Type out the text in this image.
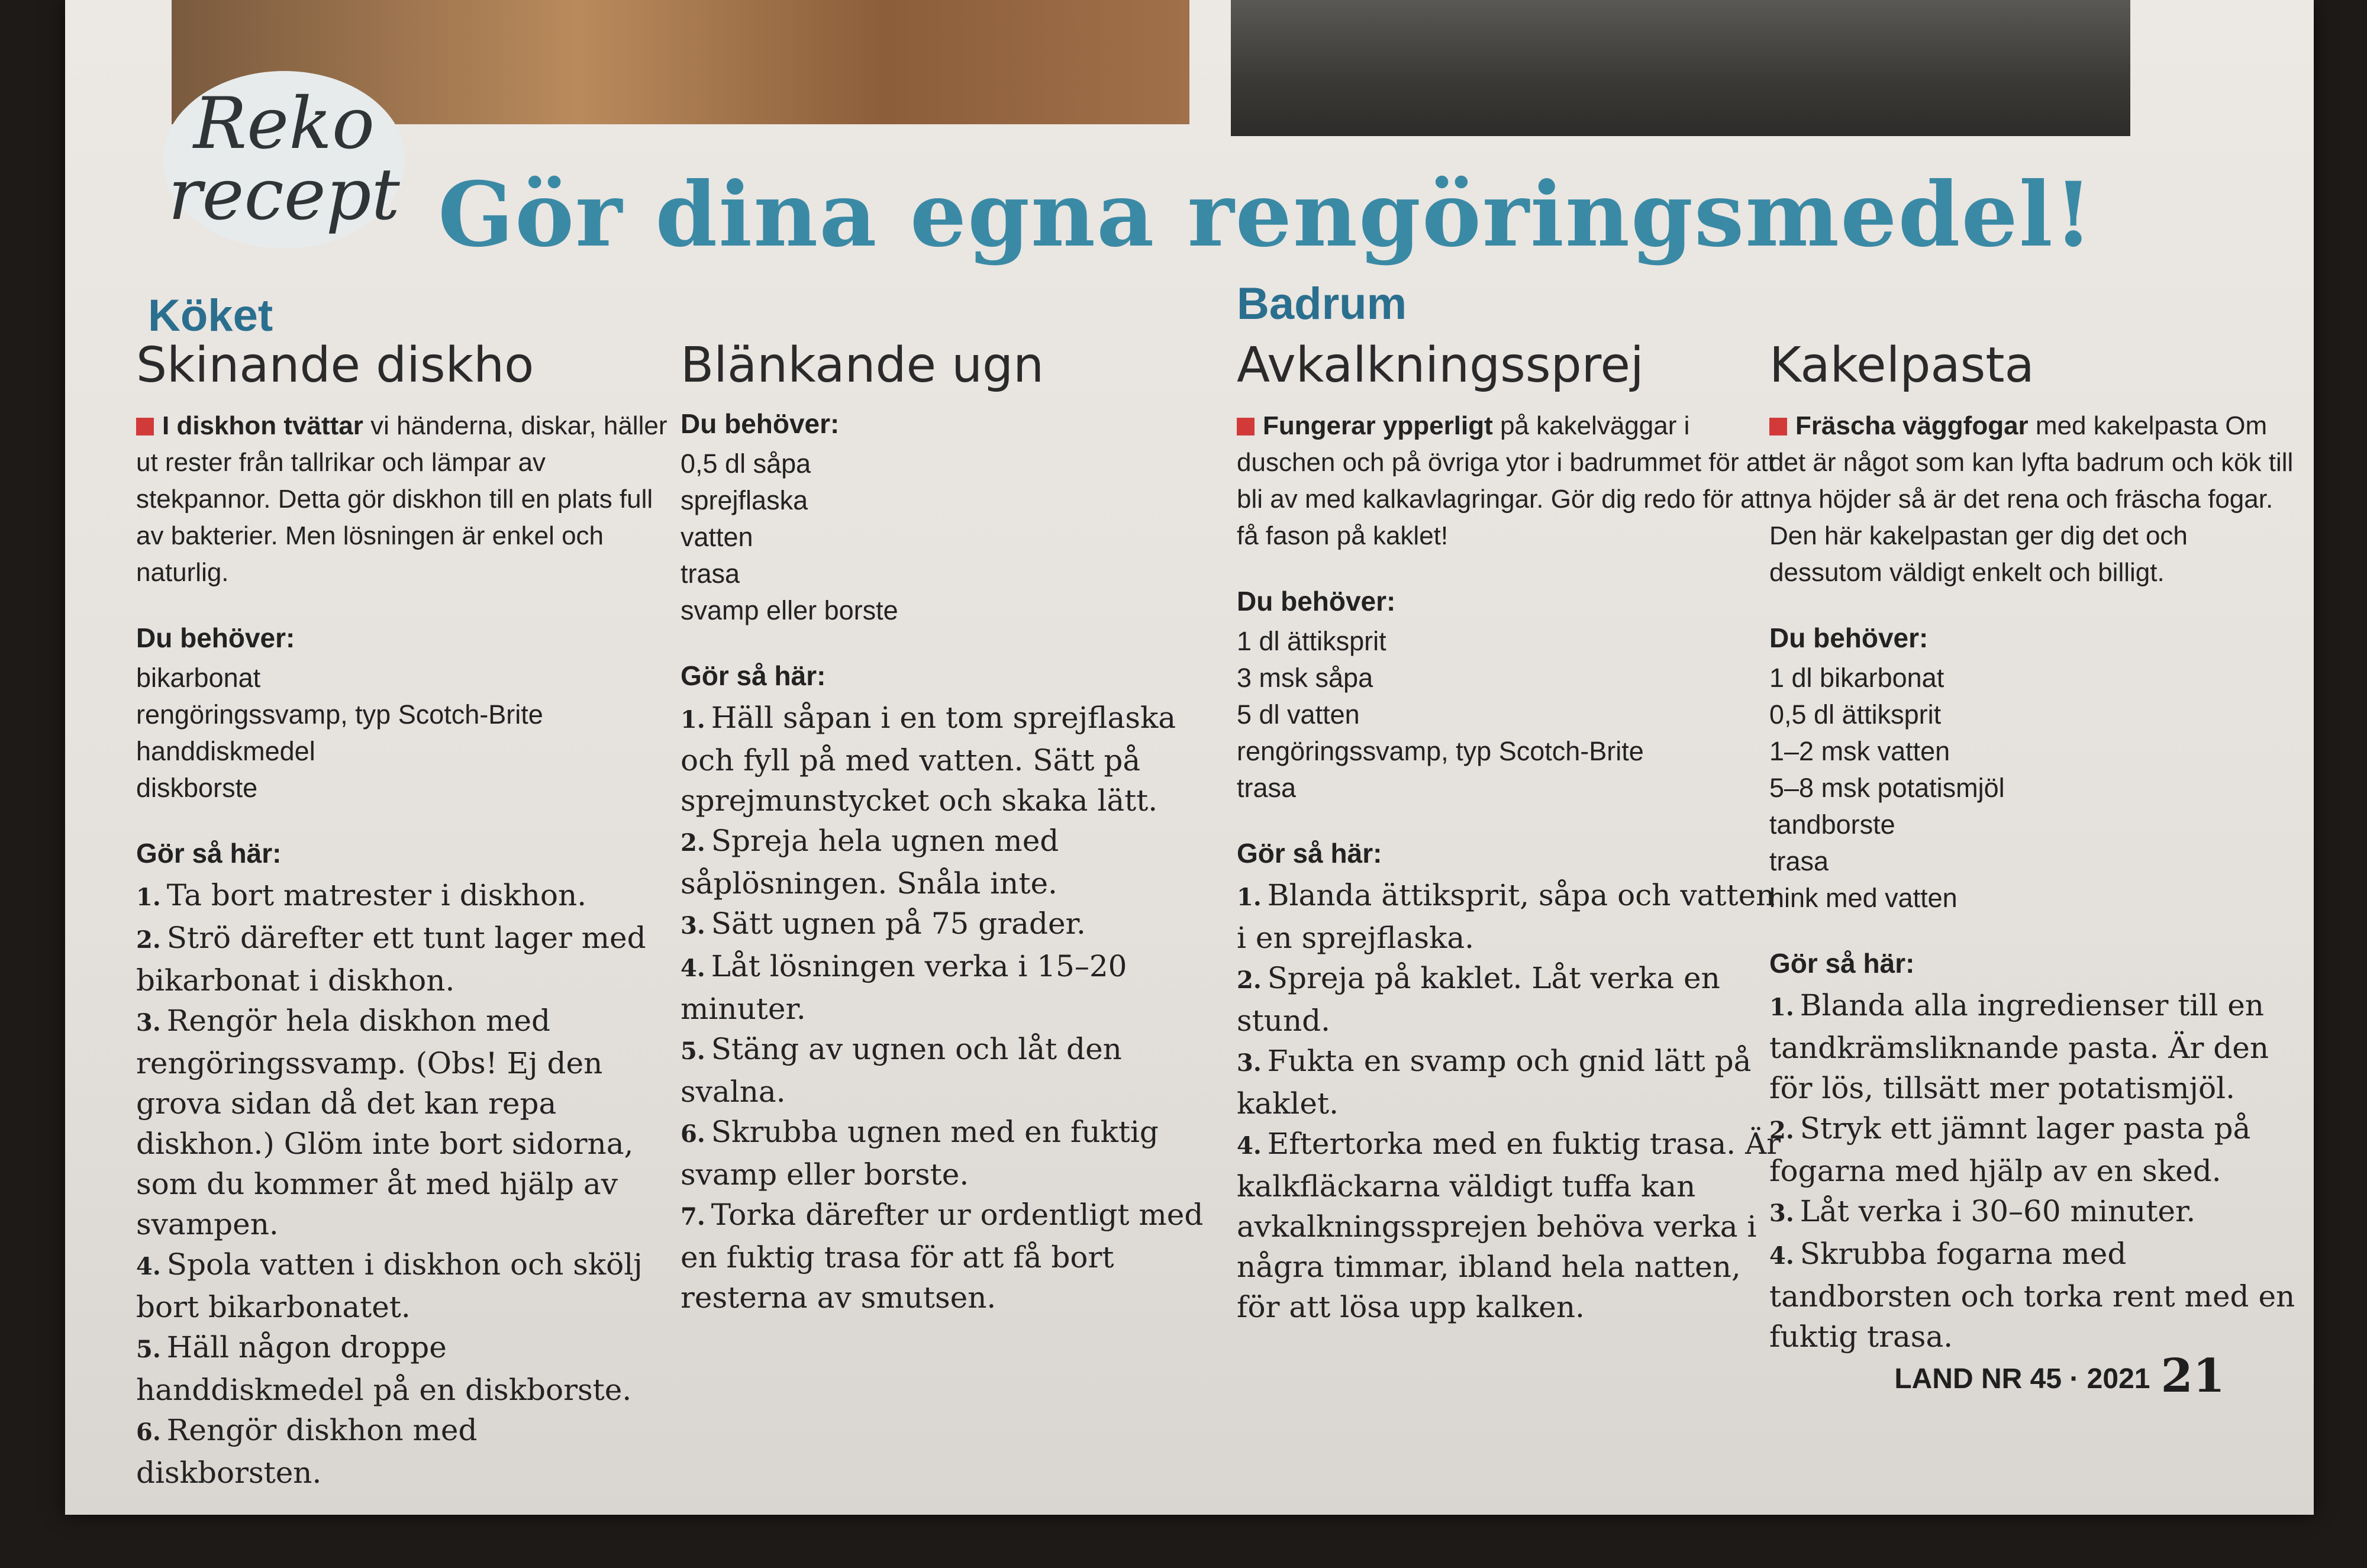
Reko
recept Gör dina egna rengöringsmedel!
Köket	Badrum
Skinande diskho

I diskhon tvättar vi händerna, diskar, häller ut rester från tallrikar och lämpar av stekpannor. Detta gör diskhon till en plats full av bakterier. Men lösningen är enkel och naturlig.

Du behöver:
bikarbonat
rengöringssvamp, typ Scotch-Brite
handdiskmedel
diskborste
Gör så här:
1. Ta bort matrester i diskhon.
2. Strö därefter ett tunt lager med bikarbonat i diskhon.
3. Rengör hela diskhon med rengöringssvamp. (Obs! Ej den grova sidan då det kan repa diskhon.) Glöm inte bort sidorna, som du kommer åt med hjälp av svampen.
4. Spola vatten i diskhon och skölj bort bikarbonatet.
5. Häll någon droppe handdiskmedel på en diskborste.
6. Rengör diskhon med diskborsten.
Blänkande ugn
Du behöver:
0,5 dl såpa
sprejflaska
vatten
trasa
svamp eller borste
Gör så här:
1. Häll såpan i en tom sprejflaska och fyll på med vatten. Sätt på sprejmunstycket och skaka lätt.
2. Spreja hela ugnen med såplösningen. Snåla inte.
3. Sätt ugnen på 75 grader.
4. Låt lösningen verka i 15–20 minuter.
5. Stäng av ugnen och låt den svalna.
6. Skrubba ugnen med en fuktig svamp eller borste.
7. Torka därefter ur ordentligt med en fuktig trasa för att få bort resterna av smutsen.
Avkalkningssprej

Fungerar ypperligt på kakelväggar i duschen och på övriga ytor i badrummet för att bli av med kalkavlagringar. Gör dig redo för att få fason på kaklet!

Du behöver:
1 dl ättiksprit
3 msk såpa
5 dl vatten
rengöringssvamp, typ Scotch-Brite
trasa
Gör så här:
1. Blanda ättiksprit, såpa och vatten i en sprejflaska.
2. Spreja på kaklet. Låt verka en stund.
3. Fukta en svamp och gnid lätt på kaklet.
4. Eftertorka med en fuktig trasa. Är kalkfläckarna väldigt tuffa kan avkalkningssprejen behöva verka i några timmar, ibland hela natten, för att lösa upp kalken.
Kakelpasta

Fräscha väggfogar med kakelpasta Om det är något som kan lyfta badrum och kök till nya höjder så är det rena och fräscha fogar. Den här kakelpastan ger dig det och dessutom väldigt enkelt och billigt.

Du behöver:
1 dl bikarbonat
0,5 dl ättiksprit
1–2 msk vatten
5–8 msk potatismjöl
tandborste
trasa
hink med vatten
Gör så här:
1. Blanda alla ingredienser till en tandkrämsliknande pasta. Är den för lös, tillsätt mer potatismjöl.
2. Stryk ett jämnt lager pasta på fogarna med hjälp av en sked.
3. Låt verka i 30–60 minuter.
4. Skrubba fogarna med tandborsten och torka rent med en fuktig trasa.
LAND NR 45 · 2021 21
